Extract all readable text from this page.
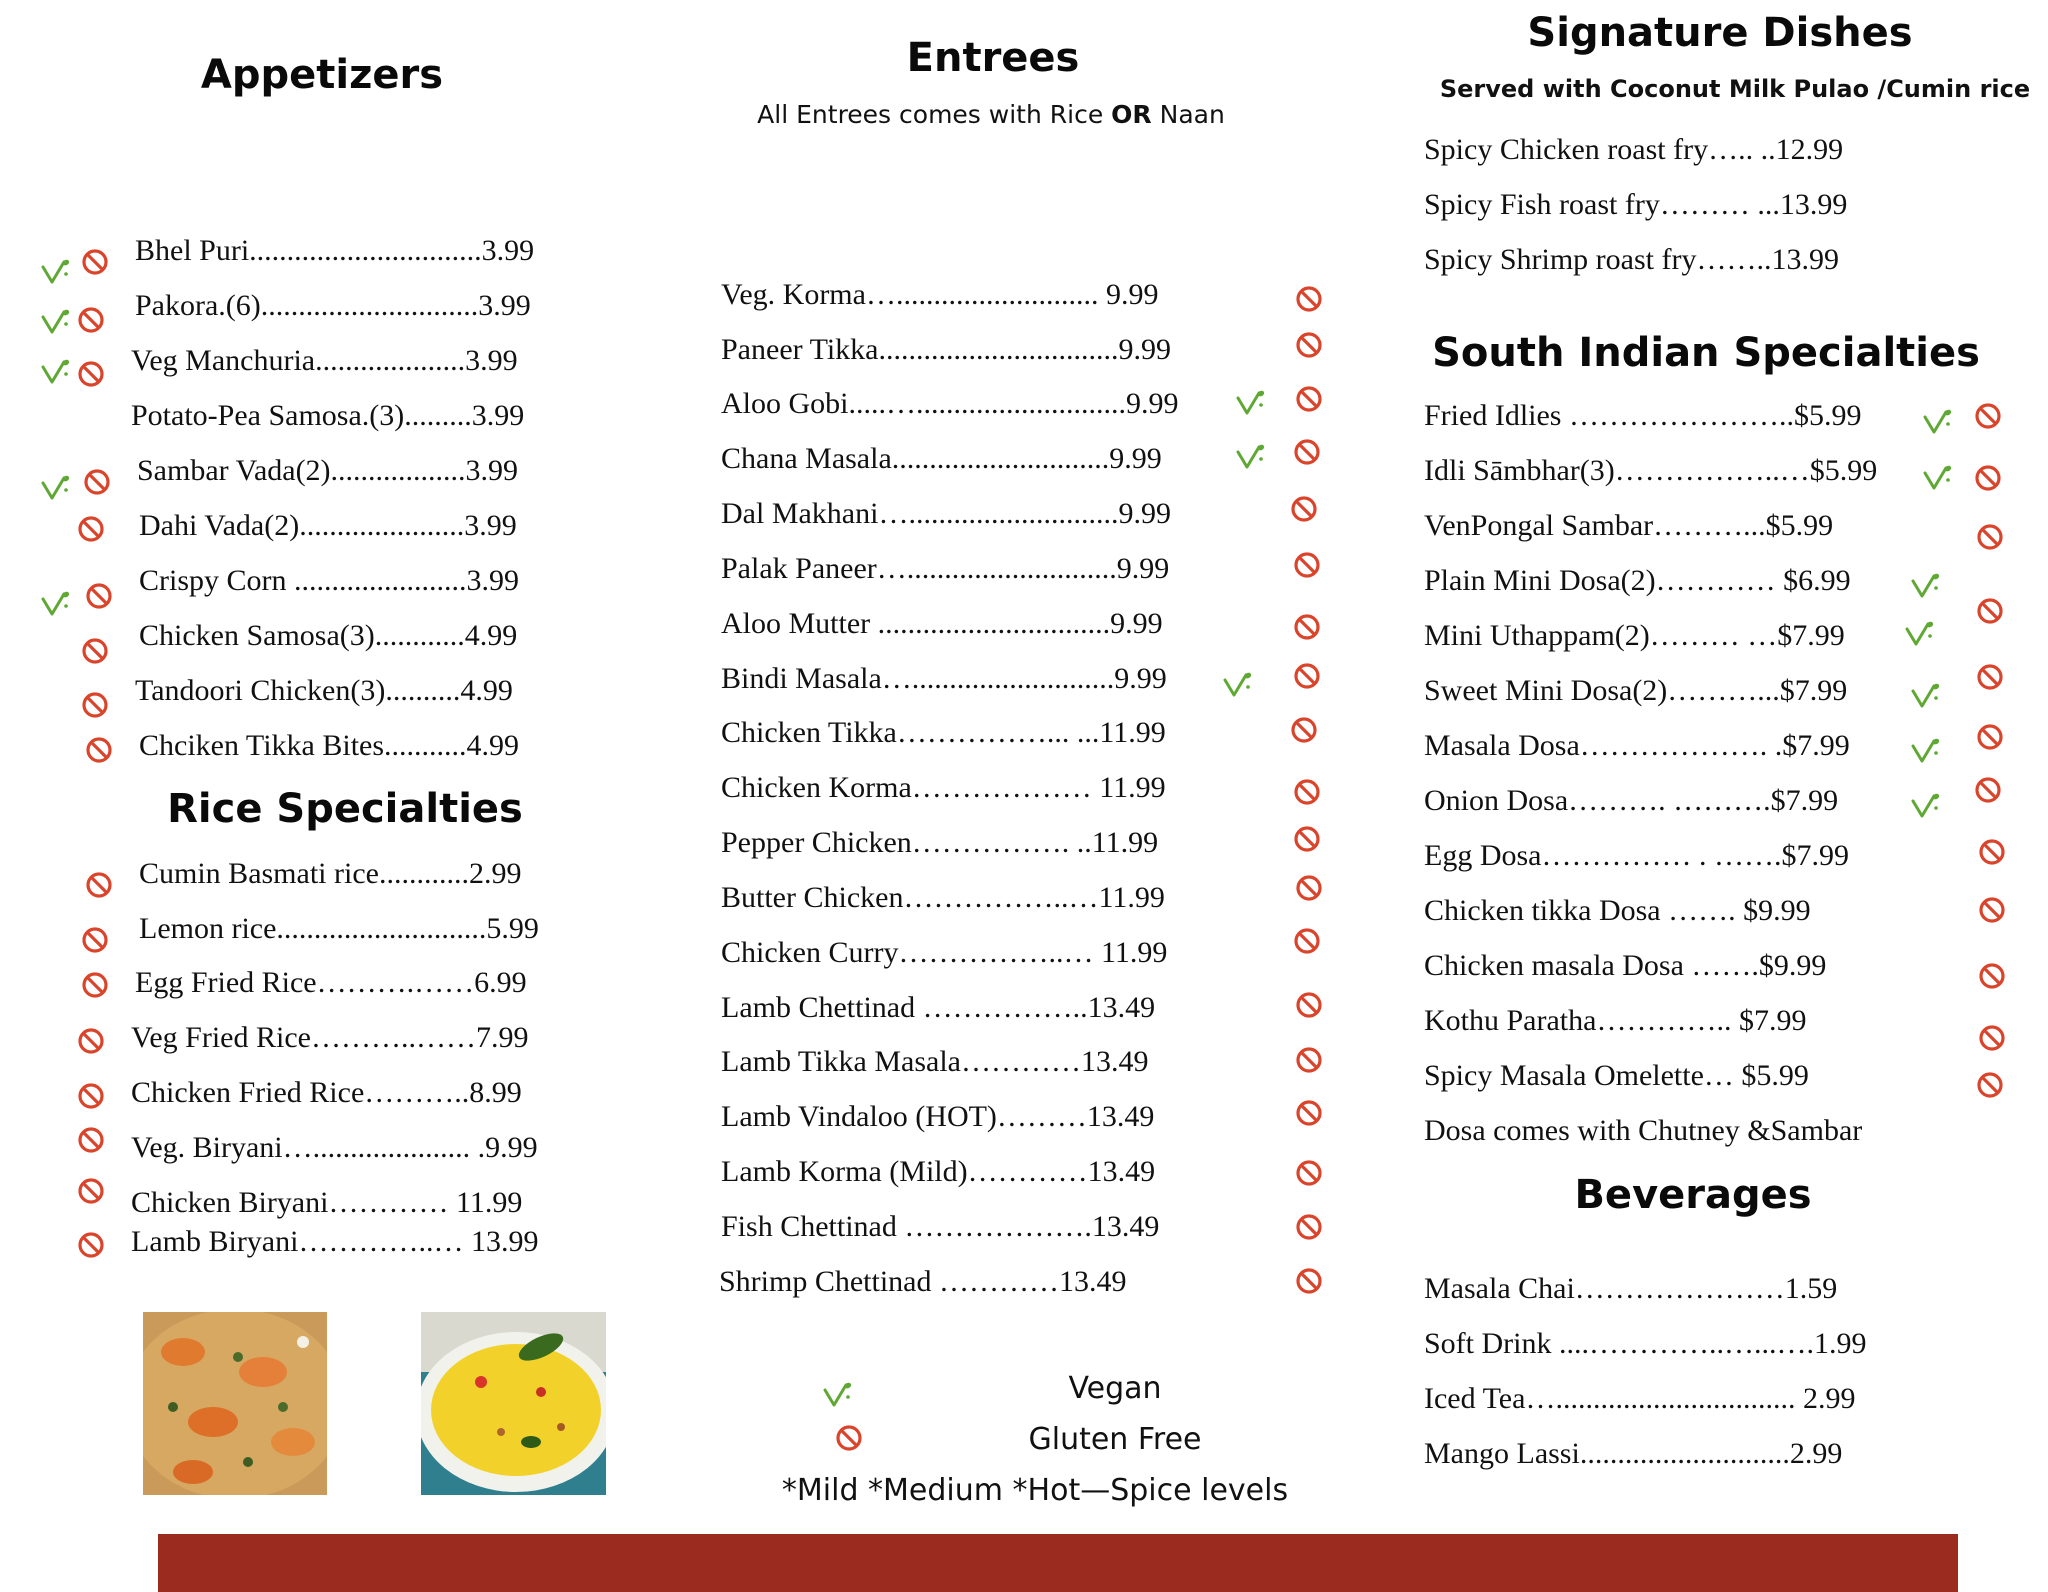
Appetizers
Bhel Puri...............................3.99
Pakora.(6).............................3.99
Veg Manchuria....................3.99
Potato-Pea Samosa.(3).........3.99
Sambar Vada(2)..................3.99
Dahi Vada(2)......................3.99
Crispy Corn .......................3.99
Chicken Samosa(3)............4.99
Tandoori Chicken(3)..........4.99
Chciken Tikka Bites...........4.99
Rice Specialties
Cumin Basmati rice............2.99
Lemon rice............................5.99
Egg Fried Rice……….……6.99
Veg Fried Rice………..……7.99
Chicken Fried Rice………..8.99
Veg. Biryani…..................... .9.99
Chicken Biryani………… 11.99
Lamb Biryani…………..… 13.99
Entrees

All Entrees comes with Rice OR Naan

Veg. Korma…........................... 9.99
Paneer Tikka................................9.99
Aloo Gobi.....…............................9.99
Chana Masala.............................9.99
Dal Makhani…............................9.99
Palak Paneer…............................9.99
Aloo Mutter ...............................9.99
Bindi Masala…...........................9.99
Chicken Tikka……………... ...11.99
Chicken Korma……………… 11.99
Pepper Chicken……………. ..11.99
Butter Chicken……………..…11.99
Chicken Curry……………..… 11.99
Lamb Chettinad ……………..13.49
Lamb Tikka Masala…………13.49
Lamb Vindaloo (HOT)………13.49
Lamb Korma (Mild)…………13.49
Fish Chettinad ……………….13.49
Shrimp Chettinad …………13.49
Vegan
Gluten Free
*Mild *Medium *Hot—Spice levels
Signature Dishes

Served with Coconut Milk Pulao /Cumin rice

Spicy Chicken roast fry….. ..12.99
Spicy Fish roast fry……… ...13.99
Spicy Shrimp roast fry……..13.99
South Indian Specialties
Fried Idlies …………………..$5.99
Idli Sāmbhar(3)……………..…$5.99
VenPongal Sambar………...$5.99
Plain Mini Dosa(2)………… $6.99
Mini Uthappam(2)……… …$7.99
Sweet Mini Dosa(2)………...$7.99
Masala Dosa………………. .$7.99
Onion Dosa………. ……….$7.99
Egg Dosa…………… . …….$7.99
Chicken tikka Dosa ……. $9.99
Chicken masala Dosa …….$9.99
Kothu Paratha………….. $7.99
Spicy Masala Omelette… $5.99
Dosa comes with Chutney &Sambar
Beverages
Masala Chai…………………1.59
Soft Drink ....…………..…...….1.99
Iced Tea…................................ 2.99
Mango Lassi............................2.99
